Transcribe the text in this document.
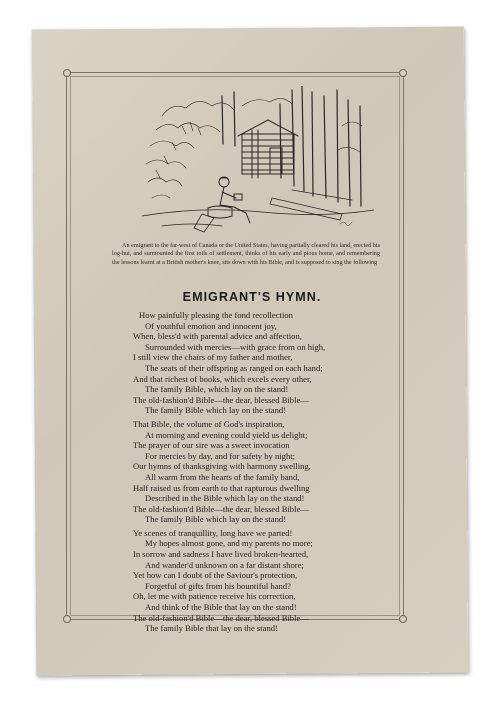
An emigrant to the far-west of Canada or the United States, having partially cleared his land, erected his log-hut, and surmounted the first toils of settlement, thinks of his early and pious home, and remembering the lessons learnt at a British mother's knee, sits down with his Bible, and is supposed to sing the following

EMIGRANT'S HYMN.
How painfully pleasing the fond recollection
Of youthful emotion and innocent joy,
When, bless'd with parental advice and affection,
Surrounded with mercies—with grace from on high,
I still view the chairs of my father and mother,
The seats of their offspring as ranged on each hand;
And that richest of books, which excels every other,
The family Bible, which lay on the stand!
The old-fashion'd Bible—the dear, blessed Bible—
The family Bible which lay on the stand!
That Bible, the volume of God's inspiration,
At morning and evening could yield us delight;
The prayer of our sire was a sweet invocation
For mercies by day, and for safety by night;
Our hymns of thanksgiving with harmony swelling,
All warm from the hearts of the family band,
Half raised us from earth to that rapturous dwelling
Described in the Bible which lay on the stand!
The old-fashion'd Bible—the dear, blessed Bible—
The family Bible which lay on the stand!
Ye scenes of tranquillity, long have we parted!
My hopes almost gone, and my parents no more;
In sorrow and sadness I have lived broken-hearted,
And wander'd unknown on a far distant shore;
Yet how can I doubt of the Saviour's protection,
Forgetful of gifts from his bountiful hand?
Oh, let me with patience receive his correction,
And think of the Bible that lay on the stand!
The old-fashion'd Bible—the dear, blessed Bible—
The family Bible that lay on the stand!
